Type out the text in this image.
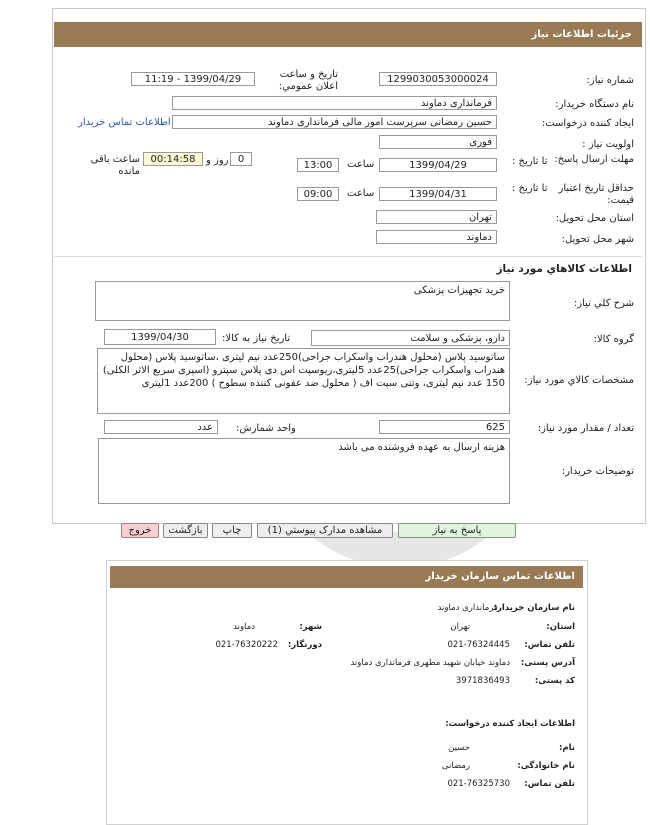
جزئيات اطلاعات نياز
شماره نياز:
1299030053000024
تاريخ و ساعت اعلان عمومي:
1399/04/29 - 11:19
نام دستگاه خريدار:
فرمانداری دماوند
ايجاد کننده درخواست:
حسین رمضانی سرپرست امور مالی فرمانداری دماوند
اطلاعات تماس خريدار
اولويت نياز :
فوری
مهلت ارسال پاسخ:
تا تاريخ :
1399/04/29
ساعت
13:00
0
روز و
00:14:58
ساعت باقی مانده
حداقل تاريخ اعتبار قيمت:
تا تاريخ :
1399/04/31
ساعت
09:00
استان محل تحويل:
تهران
شهر محل تحويل:
دماوند
اطلاعات کالاهاي مورد نياز
شرح کلي نياز:
خرید تجهیزات پزشکی
گروه کالا:
دارو، پزشکی و سلامت
تاريخ نياز به کالا:
1399/04/30
مشخصات کالاي مورد نياز:
ساتوسید پلاس (محلول هندراب واسکراب جراحی)250عدد نیم لیتری ،ساتوسید پلاس (محلول هندراب واسکراب جراحی)25عدد 5لیتری،ریوسپت اس دی پلاس سپترو (اسپری سریع الاثر الکلی) 150 عدد نیم لیتری، وتنی سپت اف ( محلول ضد عفونی کننده سطوح ) 200عدد 1لیتری
تعداد / مقدار مورد نياز:
625
واحد شمارش:
عدد
توضيحات خريدار:
هزینه ارسال به عهده فروشنده می باشد
پاسخ به نياز
مشاهده مدارک پيوستي (1)
چاپ
بازگشت
خروج
اطلاعات تماس سازمان خریدار
نام سازمان خریدار:
فرمانداری دماوند
استان:
تهران
شهر:
دماوند
تلفن تماس:
021-76324445
دورنگار:
021-76320222
آدرس پستی:
دماوند خیابان شهید مطهری فرمانداری دماوند
کد پستی:
3971836493
اطلاعات ایجاد کننده درخواست:
نام:
حسین
نام خانوادگی:
رمضانی
تلفن تماس:
021-76325730
